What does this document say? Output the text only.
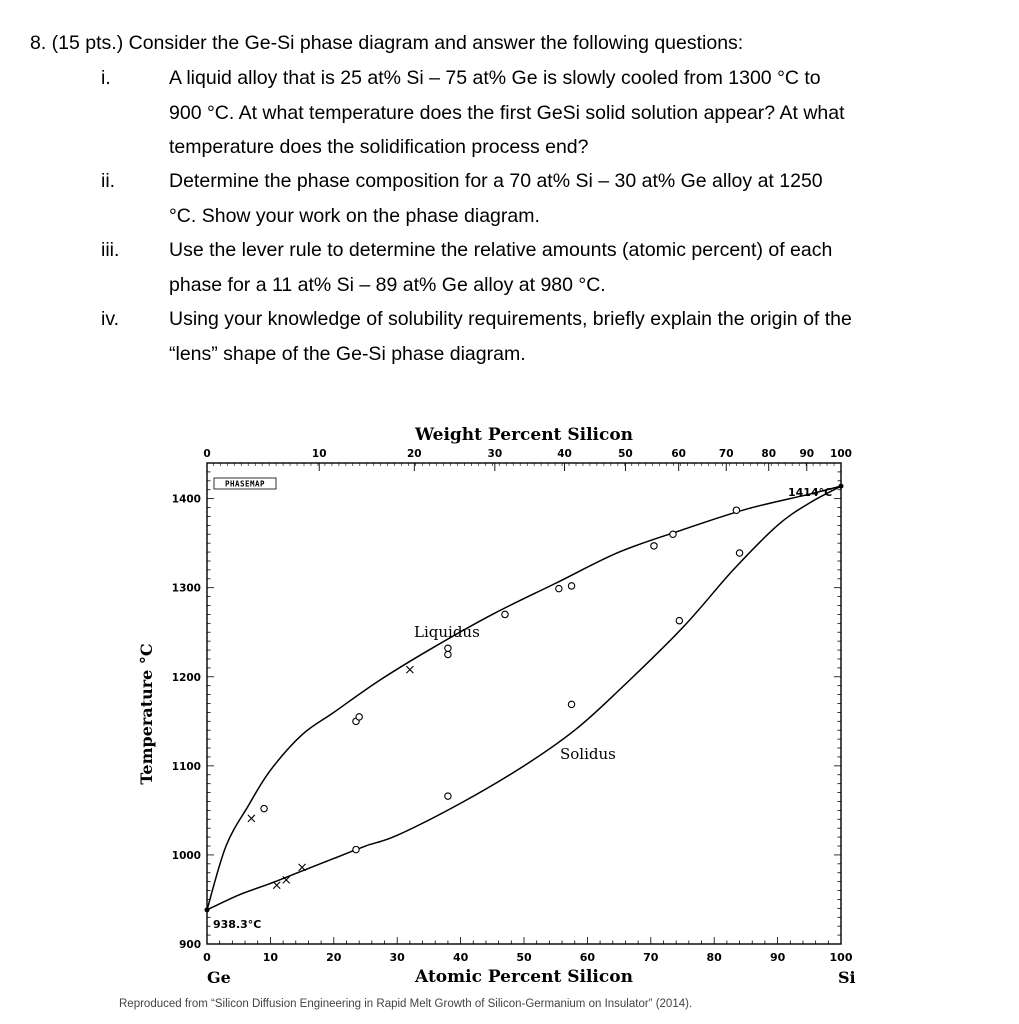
8. (15 pts.) Consider the Ge-Si phase diagram and answer the following questions:
i.	A liquid alloy that is 25 at% Si – 75 at% Ge is slowly cooled from 1300 °C to
900 °C. At what temperature does the first GeSi solid solution appear? At what
temperature does the solidification process end?
ii.	Determine the phase composition for a 70 at% Si – 30 at% Ge alloy at 1250
°C. Show your work on the phase diagram.
iii.	Use the lever rule to determine the relative amounts (atomic percent) of each
phase for a 11 at% Si – 89 at% Ge alloy at 980 °C.
iv.	Using your knowledge of solubility requirements, briefly explain the origin of the
“lens” shape of the Ge-Si phase diagram.
0	10	20	30	40	50	60	70	80	90	100
0	10	20	30	40	50	60	70	80 90 100
900
1000
1100
1200
1300
1400
Weight Percent Silicon
Atomic Percent Silicon
Temperature °C
Ge	Si
Liquidus
Solidus
1414°C
938.3°C
PHASEMAP
Reproduced from “Silicon Diffusion Engineering in Rapid Melt Growth of Silicon-Germanium on Insulator” (2014).
